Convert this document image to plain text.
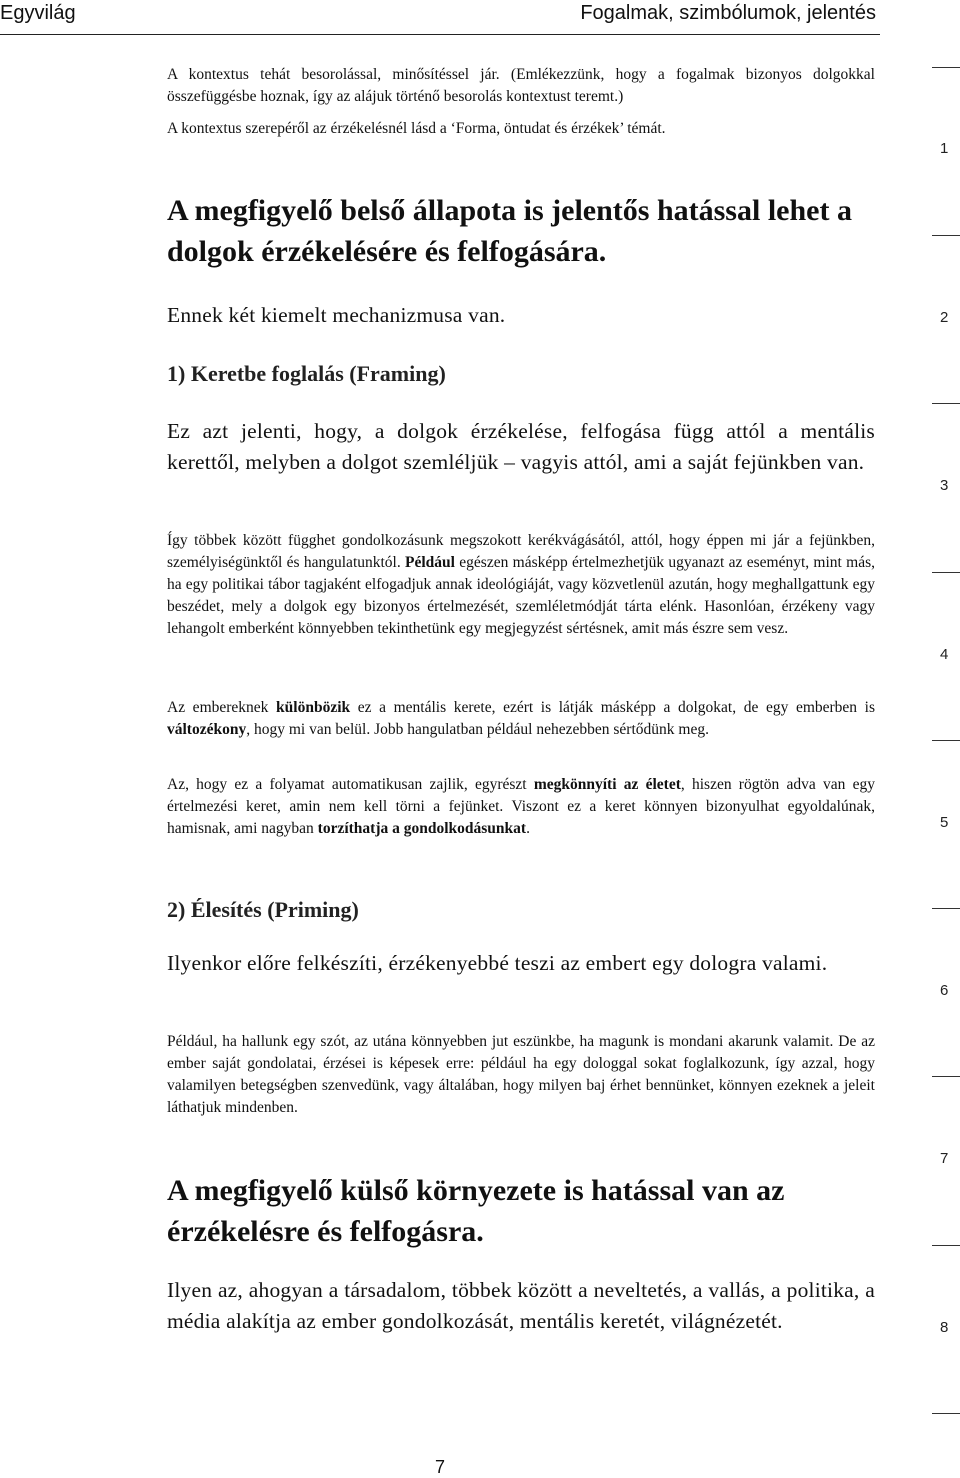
Egyvilág	Fogalmak, szimbólumok, jelentés

A kontextus tehát besorolással, minősítéssel jár. (Emlékezzünk, hogy a fogalmak bizonyos dolgokkal összefüggésbe hoznak, így az alájuk történő besorolás kontextust teremt.)

A kontextus szerepéről az érzékelésnél lásd a ‘Forma, öntudat és érzékek’ témát.

A megfigyelő belső állapota is jelentős hatással lehet a dolgok érzékelésére és felfogására.

Ennek két kiemelt mechanizmusa van.

1) Keretbe foglalás (Framing)

Ez azt jelenti, hogy, a dolgok érzékelése, felfogása függ attól a mentális kerettől, melyben a dolgot szemléljük – vagyis attól, ami a saját fejünkben van.

Így többek között függhet gondolkozásunk megszokott kerékvágásától, attól, hogy éppen mi jár a fejünkben, személyiségünktől és hangulatunktól. Például egészen másképp értelmezhetjük ugyanazt az eseményt, mint más, ha egy politikai tábor tagjaként elfogadjuk annak ideológiáját, vagy közvetlenül azután, hogy meghallgattunk egy beszédet, mely a dolgok egy bizonyos értelmezését, szemléletmódját tárta elénk. Hasonlóan, érzékeny vagy lehangolt emberként könnyebben tekinthetünk egy megjegyzést sértésnek, amit más észre sem vesz.

Az embereknek különbözik ez a mentális kerete, ezért is látják másképp a dolgokat, de egy emberben is változékony, hogy mi van belül. Jobb hangulatban például nehezebben sértődünk meg.

Az, hogy ez a folyamat automatikusan zajlik, egyrészt megkönnyíti az életet, hiszen rögtön adva van egy értelmezési keret, amin nem kell törni a fejünket. Viszont ez a keret könnyen bizonyulhat egyoldalúnak, hamisnak, ami nagyban torzíthatja a gondolkodásunkat.

2) Élesítés (Priming)

Ilyenkor előre felkészíti, érzékenyebbé teszi az embert egy dologra valami.

Például, ha hallunk egy szót, az utána könnyebben jut eszünkbe, ha magunk is mondani akarunk valamit. De az ember saját gondolatai, érzései is képesek erre: például ha egy dologgal sokat foglalkozunk, így azzal, hogy valamilyen betegségben szenvedünk, vagy általában, hogy milyen baj érhet bennünket, könnyen ezeknek a jeleit láthatjuk mindenben.

A megfigyelő külső környezete is hatással van az érzékelésre és felfogásra.

Ilyen az, ahogyan a társadalom, többek között a neveltetés, a vallás, a politika, a média alakítja az ember gondolkozását, mentális keretét, világnézetét.

1
2
3
4
5
6
7
8
7
